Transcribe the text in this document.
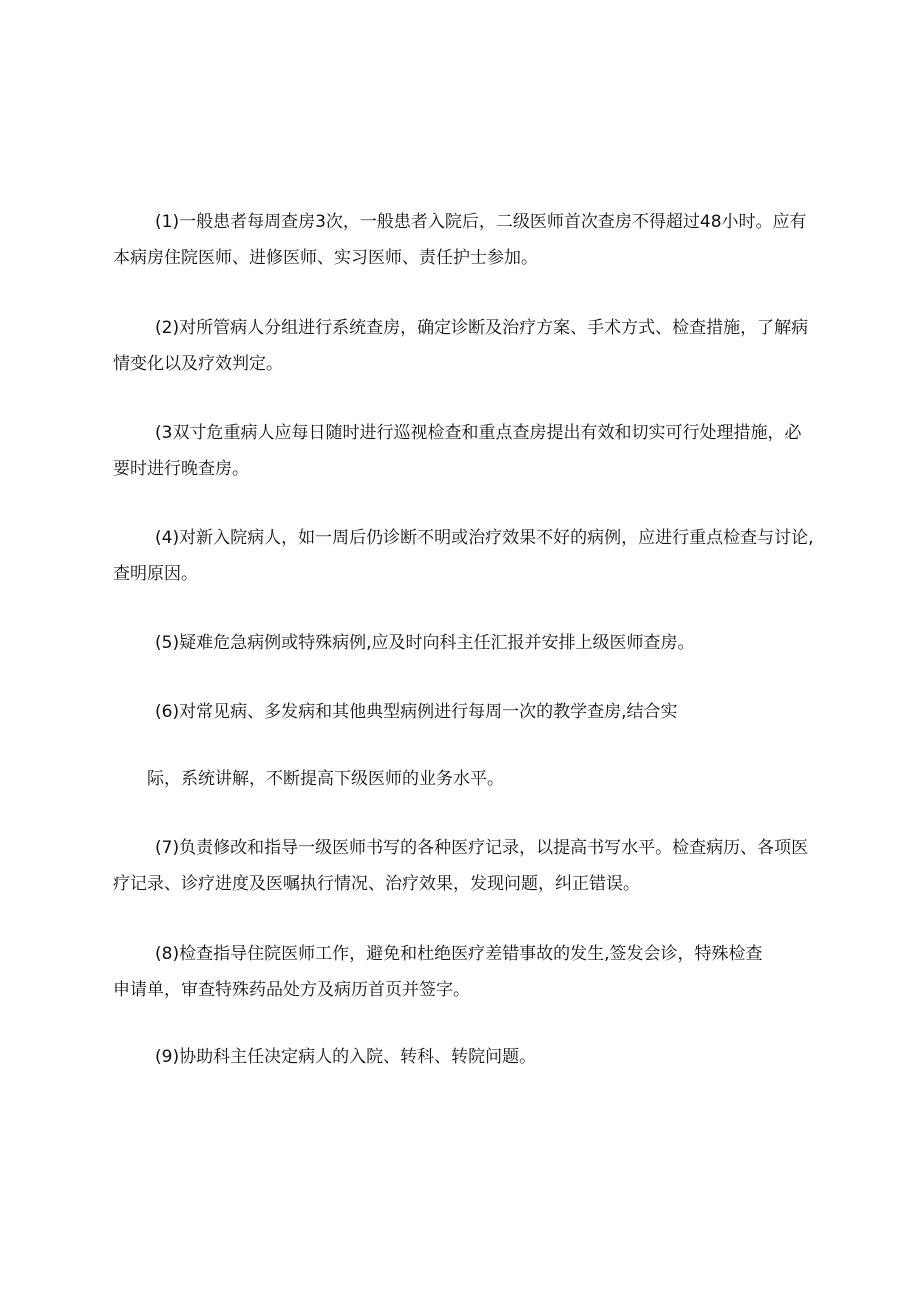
(1)一般患者每周查房3次，一般患者入院后，二级医师首次查房不得超过48小时。应有
本病房住院医师、进修医师、实习医师、责任护士参加。
(2)对所管病人分组进行系统查房，确定诊断及治疗方案、手术方式、检查措施，了解病
情变化以及疗效判定。
(3双寸危重病人应每日随时进行巡视检查和重点查房提出有效和切实可行处理措施，必
要时进行晚查房。
(4)对新入院病人，如一周后仍诊断不明或治疗效果不好的病例，应进行重点检查与讨论,
查明原因。
(5)疑难危急病例或特殊病例,应及时向科主任汇报并安排上级医师查房。
(6)对常见病、多发病和其他典型病例进行每周一次的教学查房,结合实
际，系统讲解，不断提高下级医师的业务水平。
(7)负责修改和指导一级医师书写的各种医疗记录，以提高书写水平。检查病历、各项医
疗记录、诊疗进度及医嘱执行情况、治疗效果，发现问题，纠正错误。
(8)检查指导住院医师工作，避免和杜绝医疗差错事故的发生,签发会诊，特殊检查
申请单，审查特殊药品处方及病历首页并签字。
(9)协助科主任决定病人的入院、转科、转院问题。
